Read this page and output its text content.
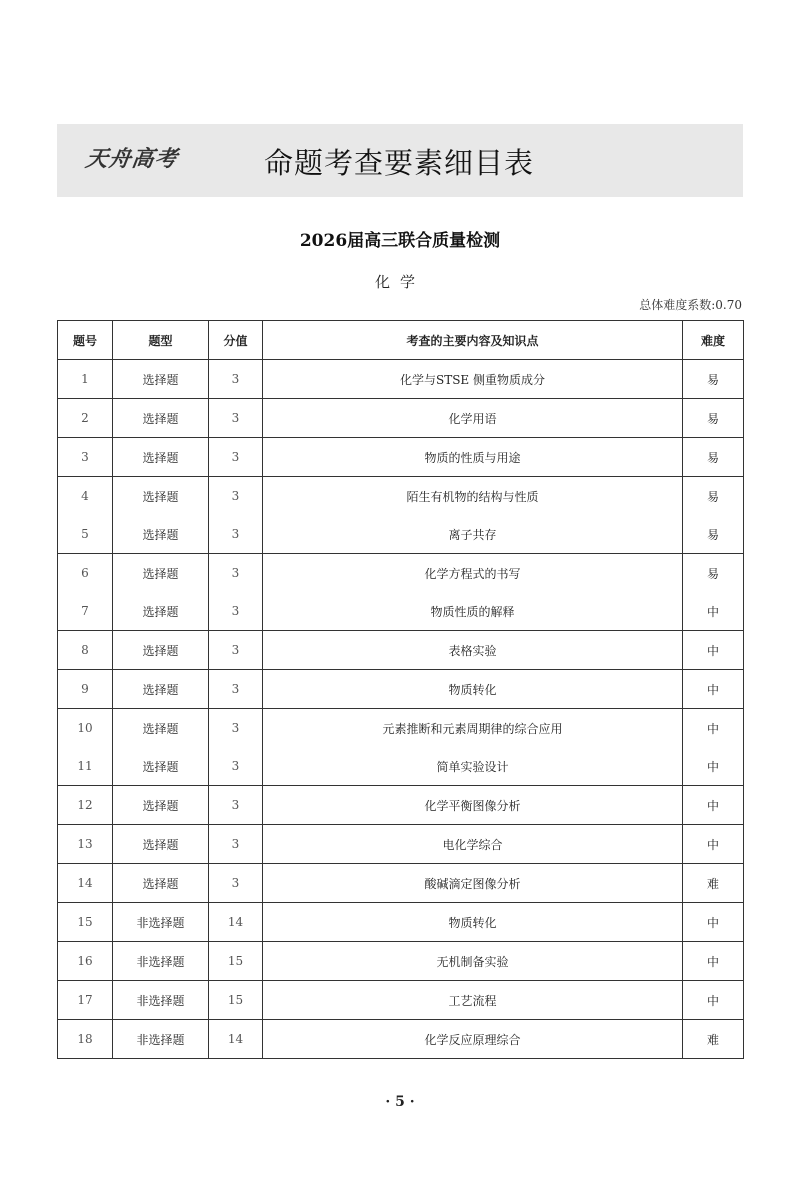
天舟高考	命题考查要素细目表
2026届高三联合质量检测
化学
总体难度系数:0.70
题号	题型	分值	考查的主要内容及知识点	难度
1	选择题	3	化学与STSE 侧重物质成分	易
2	选择题	3	化学用语	易
3	选择题	3	物质的性质与用途	易
4	选择题	3	陌生有机物的结构与性质	易
5	选择题	3	离子共存	易
6	选择题	3	化学方程式的书写	易
7	选择题	3	物质性质的解释	中
8	选择题	3	表格实验	中
9	选择题	3	物质转化	中
10	选择题	3	元素推断和元素周期律的综合应用	中
11	选择题	3	简单实验设计	中
12	选择题	3	化学平衡图像分析	中
13	选择题	3	电化学综合	中
14	选择题	3	酸碱滴定图像分析	难
15	非选择题	14	物质转化	中
16	非选择题	15	无机制备实验	中
17	非选择题	15	工艺流程	中
18	非选择题	14	化学反应原理综合	难
· 5 ·
